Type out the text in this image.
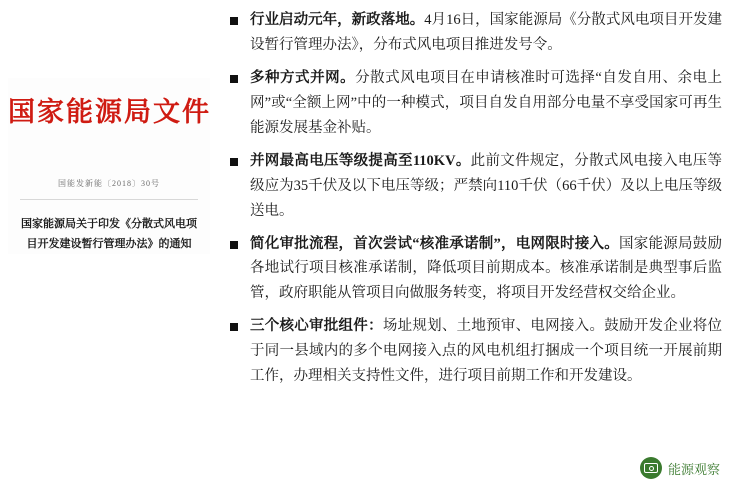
国家能源局文件
国能发新能〔2018〕30号
国家能源局关于印发《分散式风电项目开发建设暂行管理办法》的通知
行业启动元年，新政落地。4月16日，国家能源局《分散式风电项目开发建设暂行管理办法》，分布式风电项目推进发号令。
多种方式并网。分散式风电项目在申请核准时可选择“自发自用、余电上网”或“全额上网”中的一种模式，项目自发自用部分电量不享受国家可再生能源发展基金补贴。
并网最高电压等级提高至110KV。此前文件规定，分散式风电接入电压等级应为35千伏及以下电压等级；严禁向110千伏（66千伏）及以上电压等级送电。
简化审批流程，首次尝试“核准承诺制”，电网限时接入。国家能源局鼓励各地试行项目核准承诺制，降低项目前期成本。核准承诺制是典型事后监管，政府职能从管项目向做服务转变，将项目开发经营权交给企业。
三个核心审批组件：场址规划、土地预审、电网接入。鼓励开发企业将位于同一县域内的多个电网接入点的风电机组打捆成一个项目统一开展前期工作，办理相关支持性文件，进行项目前期工作和开发建设。
能源观察
